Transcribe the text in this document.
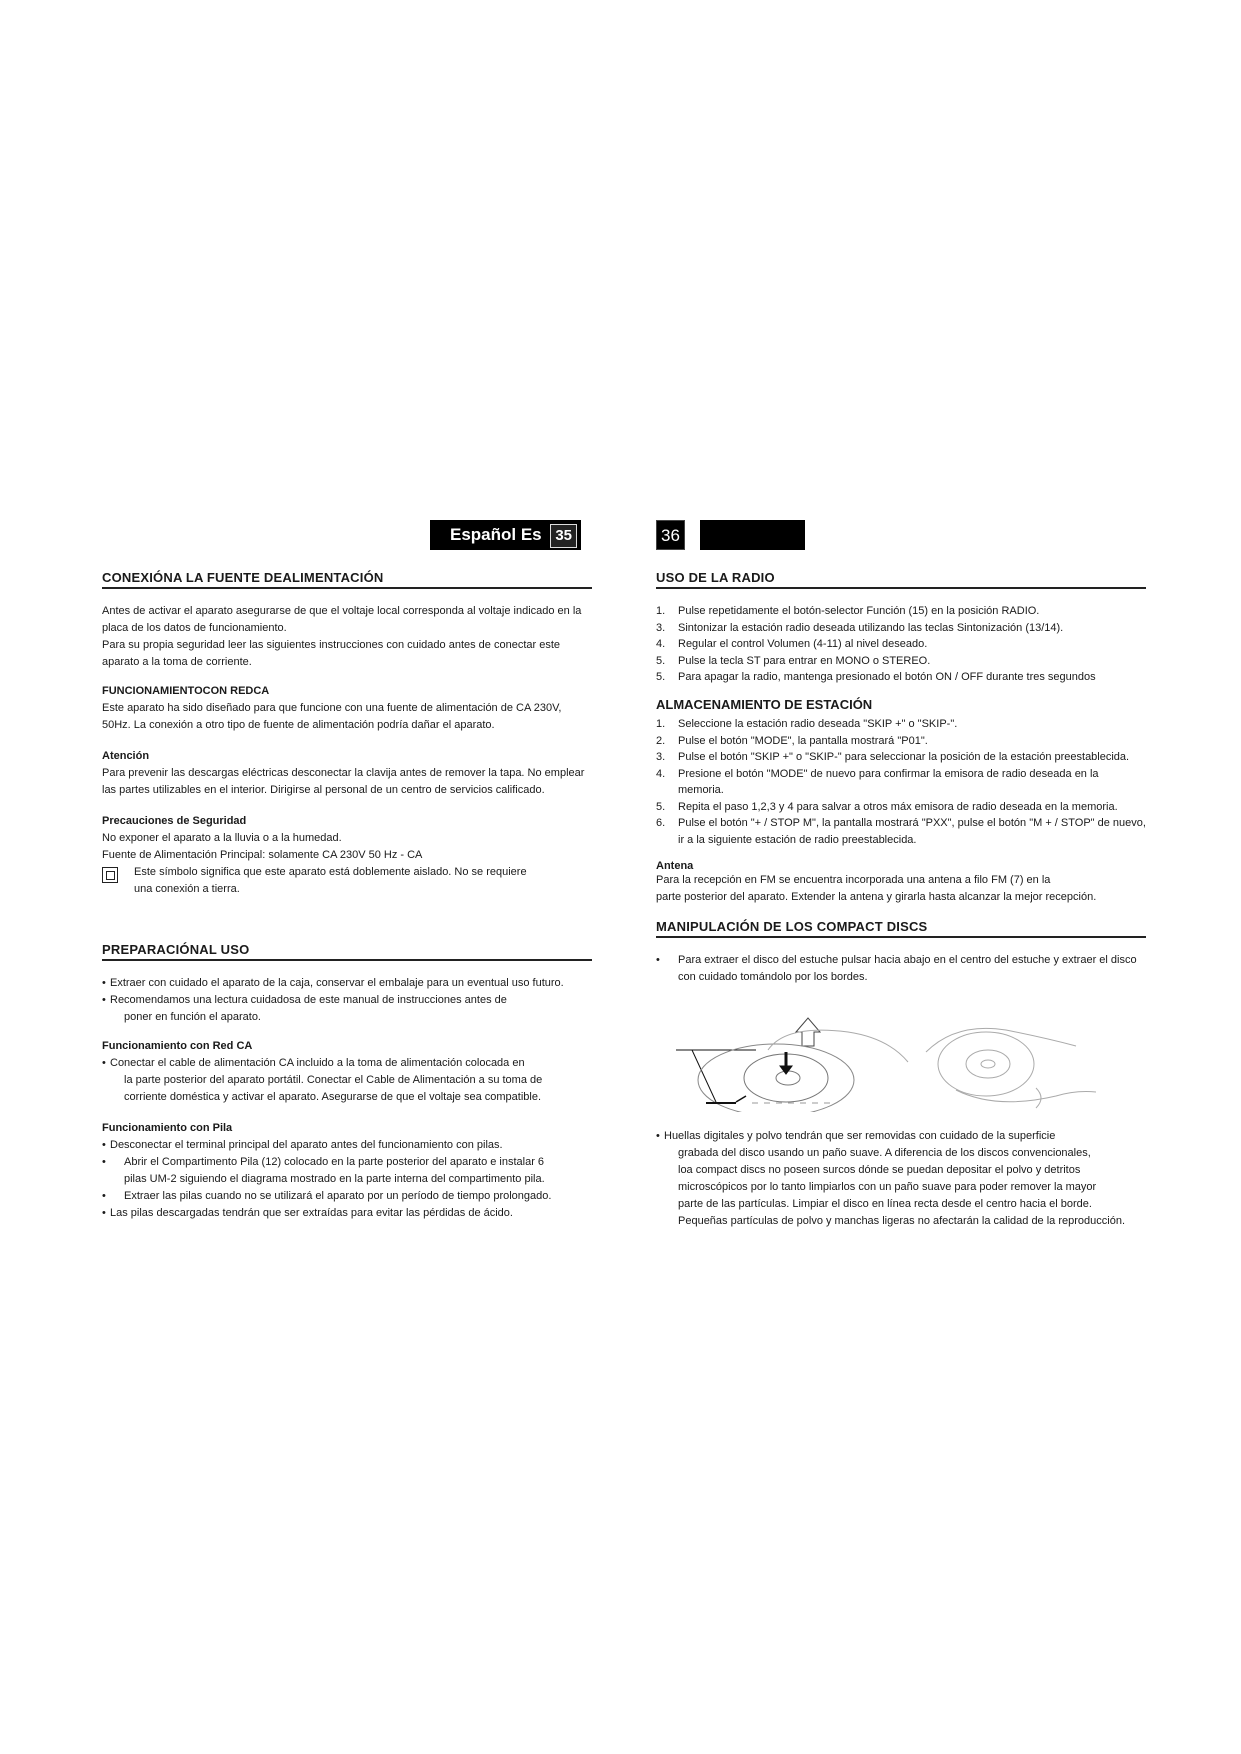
Español Es 35	36
CONEXIÓNA LA FUENTE DEALIMENTACIÓN

Antes de activar el aparato asegurarse de que el voltaje local corresponda al voltaje indicado en la placa de los datos de funcionamiento.

Para su propia seguridad leer las siguientes instrucciones con cuidado antes de conectar este aparato a la toma de corriente.

FUNCIONAMIENTOCON REDCA

Este aparato ha sido diseñado para que funcione con una fuente de alimentación de CA 230V, 50Hz. La conexión a otro tipo de fuente de alimentación podría dañar el aparato.

Atención

Para prevenir las descargas eléctricas desconectar la clavija antes de remover la tapa. No emplear las partes utilizables en el interior. Dirigirse al personal de un centro de servicios calificado.

Precauciones de Seguridad

No exponer el aparato a la lluvia o a la humedad.

Fuente de Alimentación Principal: solamente CA 230V 50 Hz - CA

Este símbolo significa que este aparato está doblemente aislado. No se requiere

una conexión a tierra.

PREPARACIÓNAL USO
• Extraer con cuidado el aparato de la caja, conservar el embalaje para un eventual uso futuro.
• Recomendamos una lectura cuidadosa de este manual de instrucciones antes de
poner en función el aparato.
Funcionamiento con Red CA
• Conectar el cable de alimentación CA incluido a la toma de alimentación colocada en
la parte posterior del aparato portátil. Conectar el Cable de Alimentación a su toma de
corriente doméstica y activar el aparato. Asegurarse de que el voltaje sea compatible.
Funcionamiento con Pila
• Desconectar el terminal principal del aparato antes del funcionamiento con pilas.
• Abrir el Compartimento Pila (12) colocado en la parte posterior del aparato e instalar 6
pilas UM-2 siguiendo el diagrama mostrado en la parte interna del compartimento pila.
• Extraer las pilas cuando no se utilizará el aparato por un período de tiempo prolongado.
• Las pilas descargadas tendrán que ser extraídas para evitar las pérdidas de ácido.
USO DE LA RADIO
1. Pulse repetidamente el botón-selector Función (15) en la posición RADIO.
3. Sintonizar la estación radio deseada utilizando las teclas Sintonización (13/14).
4. Regular el control Volumen (4-11) al nivel deseado.
5. Pulse la tecla ST para entrar en MONO o STEREO.
5. Para apagar la radio, mantenga presionado el botón ON / OFF durante tres segundos
ALMACENAMIENTO DE ESTACIÓN
1. Seleccione la estación radio deseada "SKIP +" o "SKIP-".
2. Pulse el botón "MODE", la pantalla mostrará "P01".
3. Pulse el botón "SKIP +" o "SKIP-" para seleccionar la posición de la estación preestablecida.
4. Presione el botón "MODE" de nuevo para confirmar la emisora de radio deseada en la memoria.
5. Repita el paso 1,2,3 y 4 para salvar a otros máx emisora de radio deseada en la memoria.
6. Pulse el botón "+ / STOP M", la pantalla mostrará "PXX", pulse el botón "M + / STOP" de nuevo, ir a la siguiente estación de radio preestablecida.
Antena

Para la recepción en FM se encuentra incorporada una antena a filo FM (7) en la

parte posterior del aparato. Extender la antena y girarla hasta alcanzar la mejor recepción.

MANIPULACIÓN DE LOS COMPACT DISCS
• Para extraer el disco del estuche pulsar hacia abajo en el centro del estuche y extraer el disco con cuidado tomándolo por los bordes.
• Huellas digitales y polvo tendrán que ser removidas con cuidado de la superficie
grabada del disco usando un paño suave. A diferencia de los discos convencionales,
loa compact discs no poseen surcos dónde se puedan depositar el polvo y detritos
microscópicos por lo tanto limpiarlos con un paño suave para poder remover la mayor
parte de las partículas. Limpiar el disco en línea recta desde el centro hacia el borde.
Pequeñas partículas de polvo y manchas ligeras no afectarán la calidad de la reproducción.
